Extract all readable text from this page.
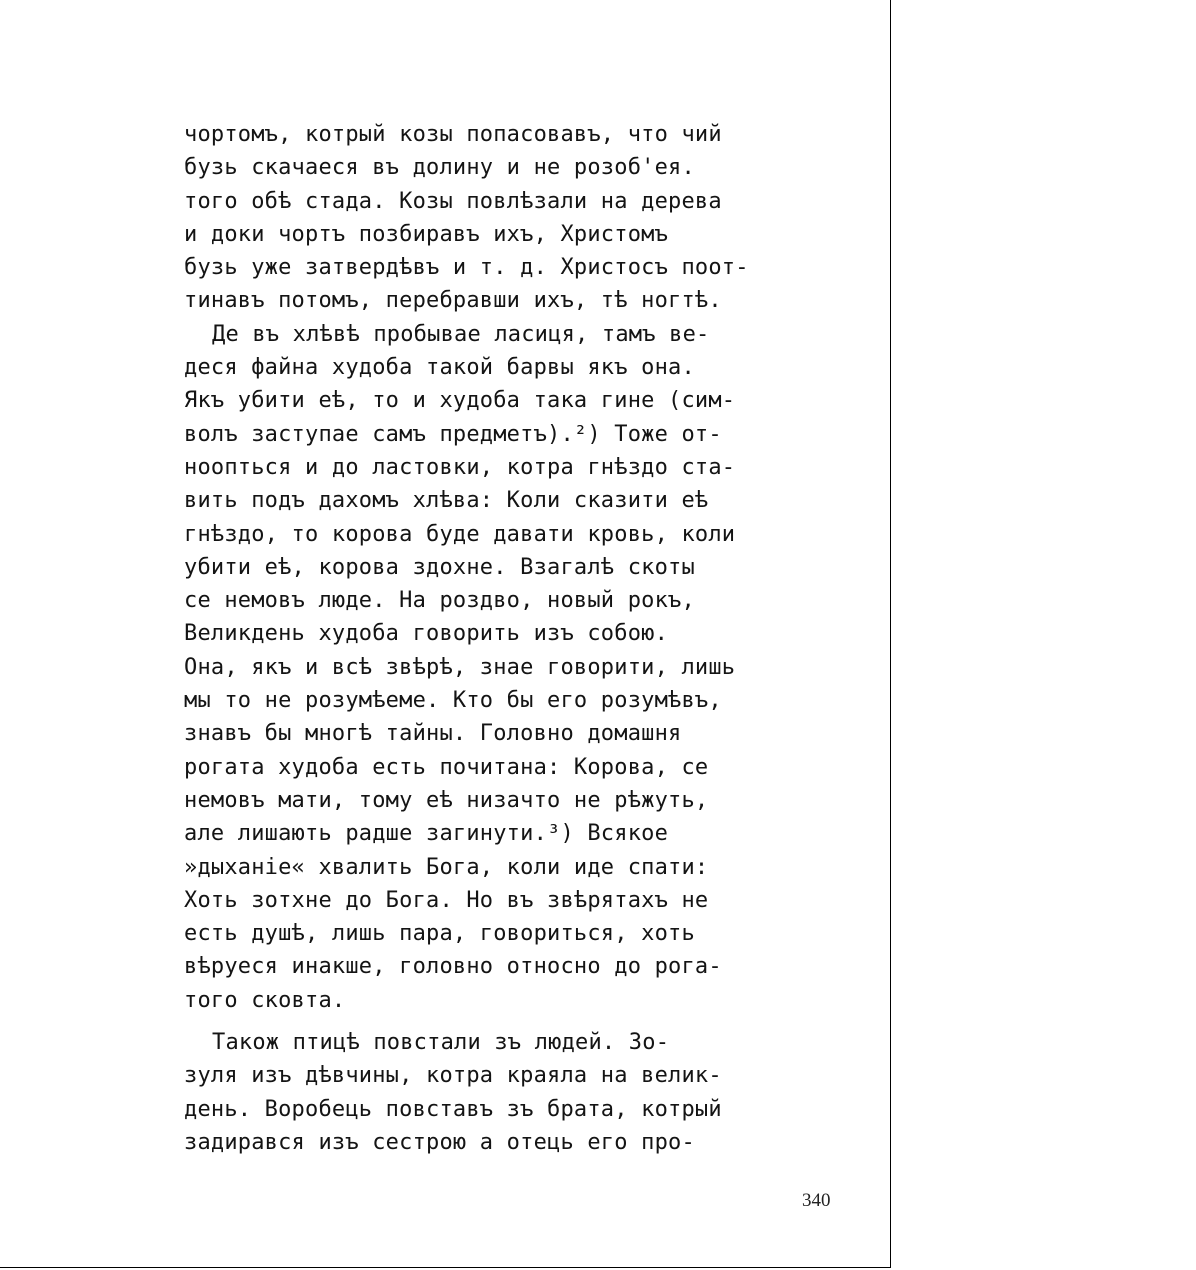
чортомъ, котрый козы попасовавъ, что чий
бузь скачаеся въ долину и не розоб'ея.
того обѣ стада. Козы повлѣзали на дерева
и доки чортъ позбиравъ ихъ, Христомъ
бузь уже затвердѣвъ и т. д. Христосъ поот-
тинавъ потомъ, перебравши ихъ, тѣ ногтѣ.
Де въ хлѣвѣ пробывае ласиця, тамъ ве-
деся файна худоба такой барвы якъ она.
Якъ убити еѣ, то и худоба така гине (сим-
волъ заступае самъ предметъ).²) Тоже от-
ноопться и до ластовки, котра гнѣздо ста-
вить подъ дахомъ хлѣва: Коли сказити еѣ
гнѣздо, то корова буде давати кровь, коли
убити еѣ, корова здохне. Взагалѣ скоты
се немовъ люде. На роздво, новый рокъ,
Великдень худоба говорить изъ собою.
Она, якъ и всѣ звѣрѣ, знае говорити, лишь
мы то не розумѣеме. Кто бы его розумѣвъ,
знавъ бы многѣ тайны. Головно домашня
рогата худоба есть почитана: Корова, се
немовъ мати, тому еѣ низачто не рѣжуть,
але лишають радше загинути.³) Всякое
»дыханіе« хвалить Бога, коли иде спати:
Хоть зотхне до Бога. Но въ звѣрятахъ не
есть душѣ, лишь пара, говориться, хоть
вѣруеся инакше, головно относно до рога-
того сковта.
Також птицѣ повстали зъ людей. Зо-
зуля изъ дѣвчины, котра краяла на велик-
день. Воробець повставъ зъ брата, котрый
задирався изъ сестрою а отець его про-
340
